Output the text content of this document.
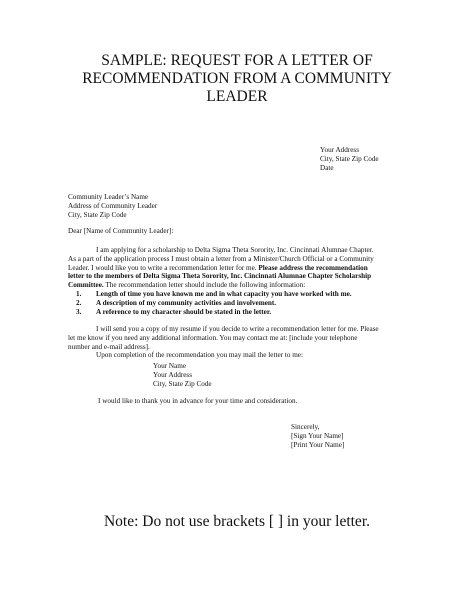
SAMPLE: REQUEST FOR A LETTER OF
RECOMMENDATION FROM A COMMUNITY
LEADER
Your Address
City, State Zip Code
Date
Community Leader’s Name
Address of Community Leader
City, State Zip Code
Dear [Name of Community Leader]:

I am applying for a scholarship to Delta Sigma Theta Sorority, Inc. Cincinnati Alumnae Chapter.

As a part of the application process I must obtain a letter from a Minister/Church Official or a Community
Leader. I would like you to write a recommendation letter for me. Please address the recommendation
letter to the members of Delta Sigma Theta Sorority, Inc. Cincinnati Alumnae Chapter Scholarship
Committee. The recommendation letter should include the following information:
1. Length of time you have known me and in what capacity you have worked with me.
2. A description of my community activities and involvement.
3. A reference to my character should be stated in the letter.

I will send you a copy of my resume if you decide to write a recommendation letter for me. Please

let me know if you need any additional information. You may contact me at: [include your telephone
number and e-mail address].

Upon completion of the recommendation you may mail the letter to me:

Your Name
Your Address
City, State Zip Code
I would like to thank you in advance for your time and consideration.
Sincerely,
[Sign Your Name]
[Print Your Name]
Note: Do not use brackets [ ] in your letter.
